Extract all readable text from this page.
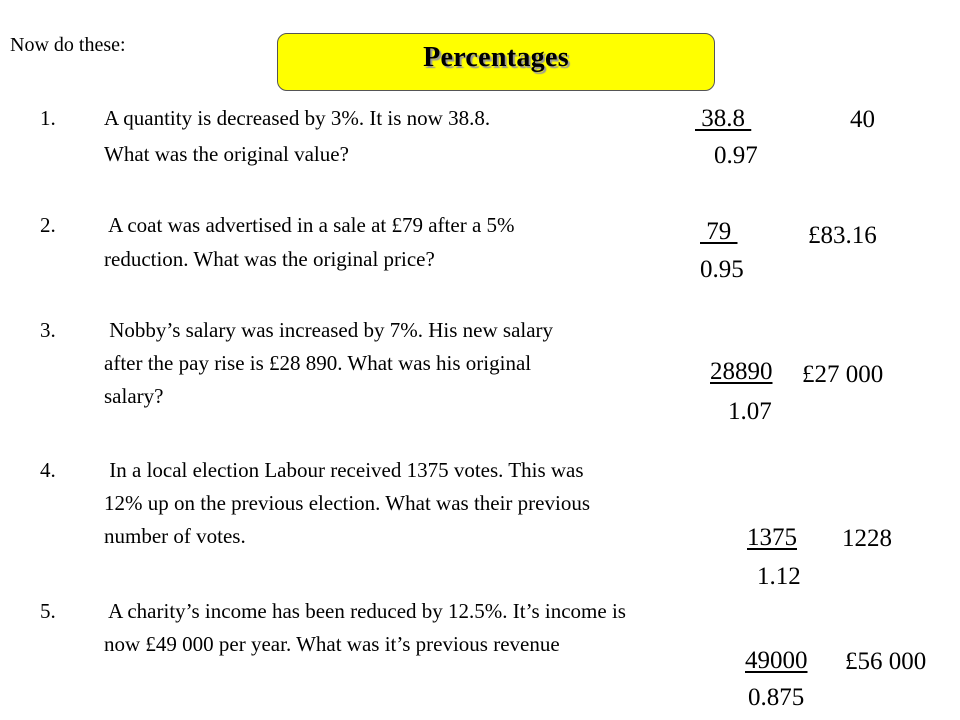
Now do these:	Percentages
1. A quantity is decreased by 3%. It is now 38.8.
What was the original value?
38.8
0.97
40
2. A coat was advertised in a sale at £79 after a 5%
reduction. What was the original price?
79
0.95
£83.16
3. Nobby’s salary was increased by 7%. His new salary
after the pay rise is £28 890. What was his original
salary?
28890
1.07
£27 000
4. In a local election Labour received 1375 votes. This was
12% up on the previous election. What was their previous
number of votes.	1375
1.12
1228
5. A charity’s income has been reduced by 12.5%. It’s income is
now £49 000 per year. What was it’s previous revenue
49000
0.875
£56 000
